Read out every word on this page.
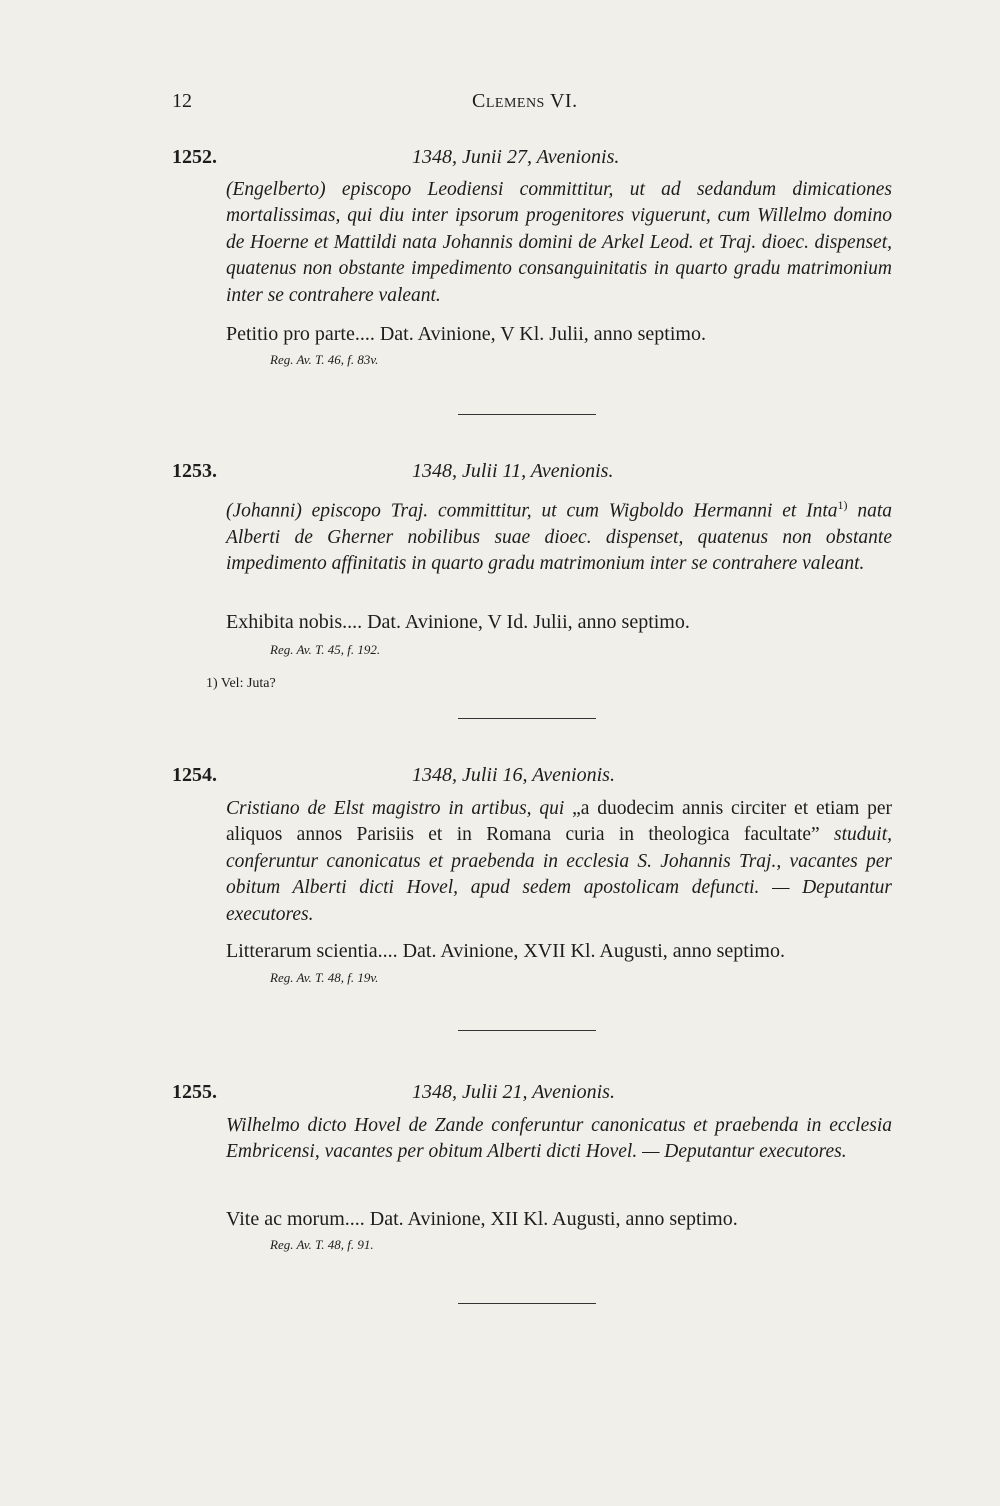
12	Clemens VI.
1252.	1348, Junii 27, Avenionis.
(Engelberto) episcopo Leodiensi committitur, ut ad sedandum dimicationes mortalissimas, qui diu inter ipsorum progenitores viguerunt, cum Willelmo domino de Hoerne et Mattildi nata Johannis domini de Arkel Leod. et Traj. dioec. dispenset, quatenus non obstante impedimento consanguinitatis in quarto gradu matrimonium inter se contrahere valeant.
Petitio pro parte.... Dat. Avinione, V Kl. Julii, anno septimo.
Reg. Av. T. 46, f. 83v.
1253.	1348, Julii 11, Avenionis.
(Johanni) episcopo Traj. committitur, ut cum Wigboldo Hermanni et Inta$^{1)}$ nata Alberti de Gherner nobilibus suae dioec. dispenset, quatenus non obstante impedimento affinitatis in quarto gradu matrimonium inter se contrahere valeant.
Exhibita nobis.... Dat. Avinione, V Id. Julii, anno septimo.
Reg. Av. T. 45, f. 192.
1) Vel: Juta?
1254.	1348, Julii 16, Avenionis.
Cristiano de Elst magistro in artibus, qui „a duodecim annis circiter et etiam per aliquos annos Parisiis et in Romana curia in theologica facultate” studuit, conferuntur canonicatus et praebenda in ecclesia S. Johannis Traj., vacantes per obitum Alberti dicti Hovel, apud sedem apostolicam defuncti. — Deputantur executores.
Litterarum scientia.... Dat. Avinione, XVII Kl. Augusti, anno septimo.
Reg. Av. T. 48, f. 19v.
1255.	1348, Julii 21, Avenionis.
Wilhelmo dicto Hovel de Zande conferuntur canonicatus et praebenda in ecclesia Embricensi, vacantes per obitum Alberti dicti Hovel. — Deputantur executores.
Vite ac morum.... Dat. Avinione, XII Kl. Augusti, anno septimo.
Reg. Av. T. 48, f. 91.
